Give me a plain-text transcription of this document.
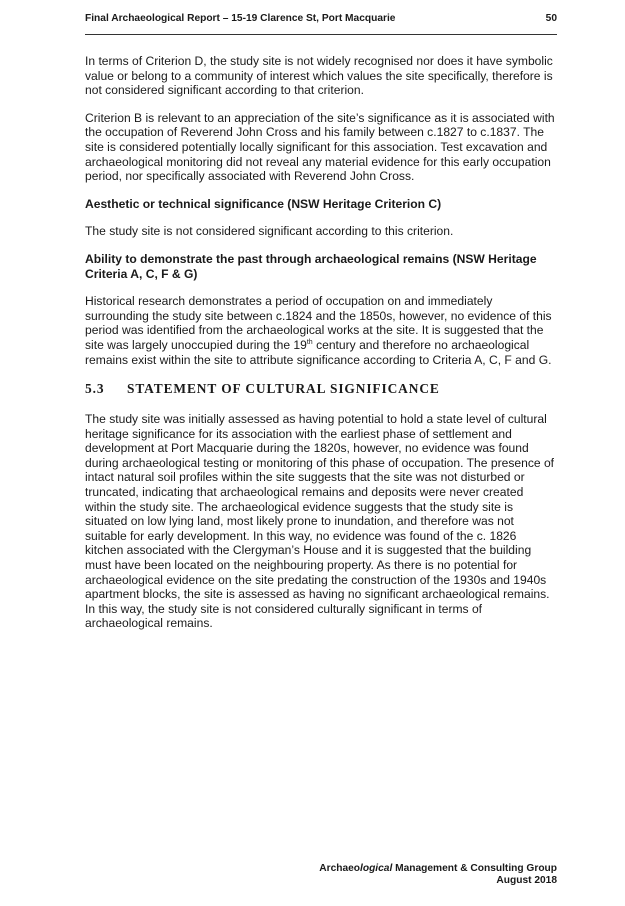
Final Archaeological Report – 15-19 Clarence St, Port Macquarie	50

In terms of Criterion D, the study site is not widely recognised nor does it have symbolic value or belong to a community of interest which values the site specifically, therefore is not considered significant according to that criterion.

Criterion B is relevant to an appreciation of the site’s significance as it is associated with the occupation of Reverend John Cross and his family between c.1827 to c.1837. The site is considered potentially locally significant for this association. Test excavation and archaeological monitoring did not reveal any material evidence for this early occupation period, nor specifically associated with Reverend John Cross.

Aesthetic or technical significance (NSW Heritage Criterion C)

The study site is not considered significant according to this criterion.

Ability to demonstrate the past through archaeological remains (NSW Heritage Criteria A, C, F & G)

Historical research demonstrates a period of occupation on and immediately surrounding the study site between c.1824 and the 1850s, however, no evidence of this period was identified from the archaeological works at the site. It is suggested that the site was largely unoccupied during the 19th century and therefore no archaeological remains exist within the site to attribute significance according to Criteria A, C, F and G.

5.3 STATEMENT OF CULTURAL SIGNIFICANCE

The study site was initially assessed as having potential to hold a state level of cultural heritage significance for its association with the earliest phase of settlement and development at Port Macquarie during the 1820s, however, no evidence was found during archaeological testing or monitoring of this phase of occupation. The presence of intact natural soil profiles within the site suggests that the site was not disturbed or truncated, indicating that archaeological remains and deposits were never created within the study site. The archaeological evidence suggests that the study site is situated on low lying land, most likely prone to inundation, and therefore was not suitable for early development. In this way, no evidence was found of the c. 1826 kitchen associated with the Clergyman’s House and it is suggested that the building must have been located on the neighbouring property. As there is no potential for archaeological evidence on the site predating the construction of the 1930s and 1940s apartment blocks, the site is assessed as having no significant archaeological remains. In this way, the study site is not considered culturally significant in terms of archaeological remains.

Archaeological Management & Consulting Group
August 2018
